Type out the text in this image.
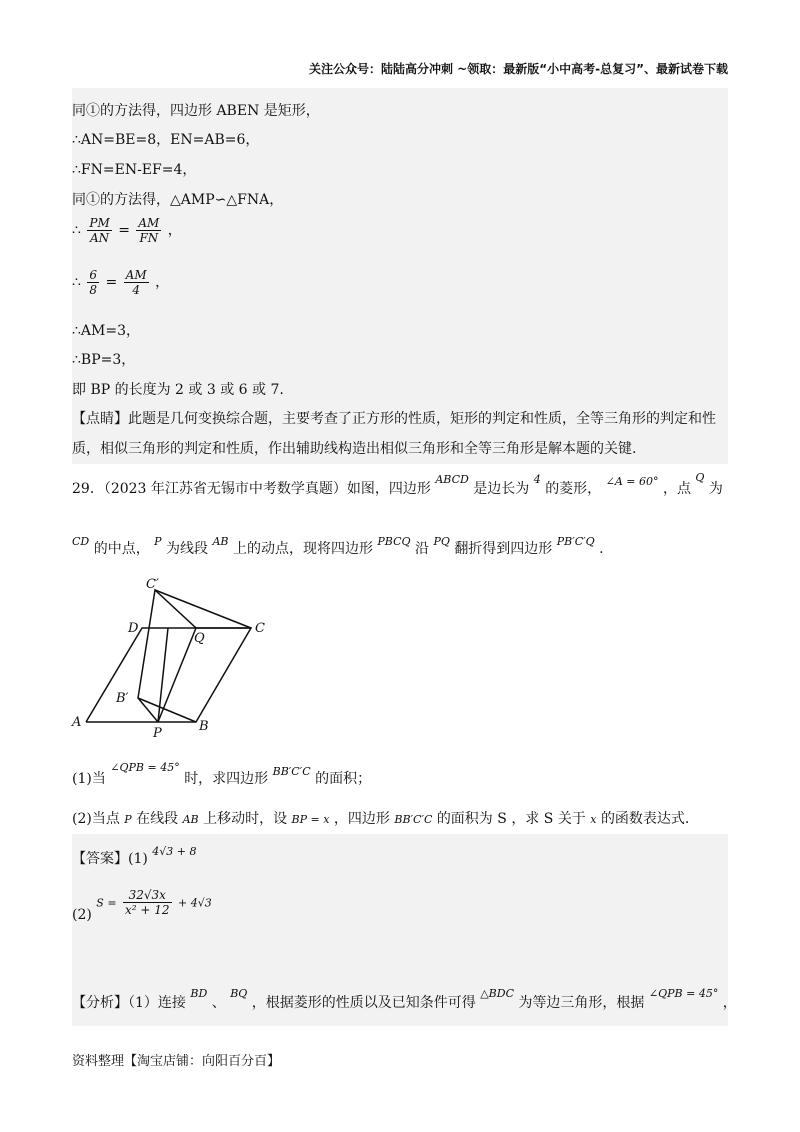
关注公众号：陆陆高分冲刺 ~领取：最新版“小中高考-总复习”、最新试卷下载
同①的方法得，四边形 ABEN 是矩形，
∴AN=BE=8，EN=AB=6，
∴FN=EN-EF=4，
同①的方法得，△AMP∽△FNA，
∴ $\frac{PM}{AN} = \frac{AM}{FN}$ ，
∴ $\frac{6}{8} = \frac{AM}{4}$ ，
∴AM=3，
∴BP=3，
即 BP 的长度为 2 或 3 或 6 或 7.
【点睛】此题是几何变换综合题，主要考查了正方形的性质，矩形的判定和性质，全等三角形的判定和性
质，相似三角形的判定和性质，作出辅助线构造出相似三角形和全等三角形是解本题的关键.
29．（2023 年江苏省无锡市中考数学真题）如图，四边形 $^{ABCD}$ 是边长为 $^4$ 的菱形， $^{\angle A = 60^\circ}$ ，点 $^Q$ 为
$^{CD}$ 的中点， $^P$ 为线段 $^{AB}$ 上的动点，现将四边形 $^{PBCQ}$ 沿 $^{PQ}$ 翻折得到四边形 $^{PB'C'Q}$ .
C′
D
Q
C
B′
A
P	B
(1)当 $^{\angle QPB = 45^\circ}$ 时，求四边形 $^{BB'C'C}$ 的面积；
(2)当点 P 在线段 AB 上移动时，设 BP = x ，四边形 BB′C′C 的面积为 S ，求 S 关于 x 的函数表达式.
【答案】(1) $^{4√3 + 8}$
(2) $S = \frac{32√3x}{\text{x² + 12}} + 4√3$
【分析】（1）连接 $^{BD}$ 、 $^{BQ}$ ，根据菱形的性质以及已知条件可得 $^{\triangle BDC}$ 为等边三角形，根据 $^{\angle QPB = 45^\circ}$ ，
资料整理【淘宝店铺：向阳百分百】
